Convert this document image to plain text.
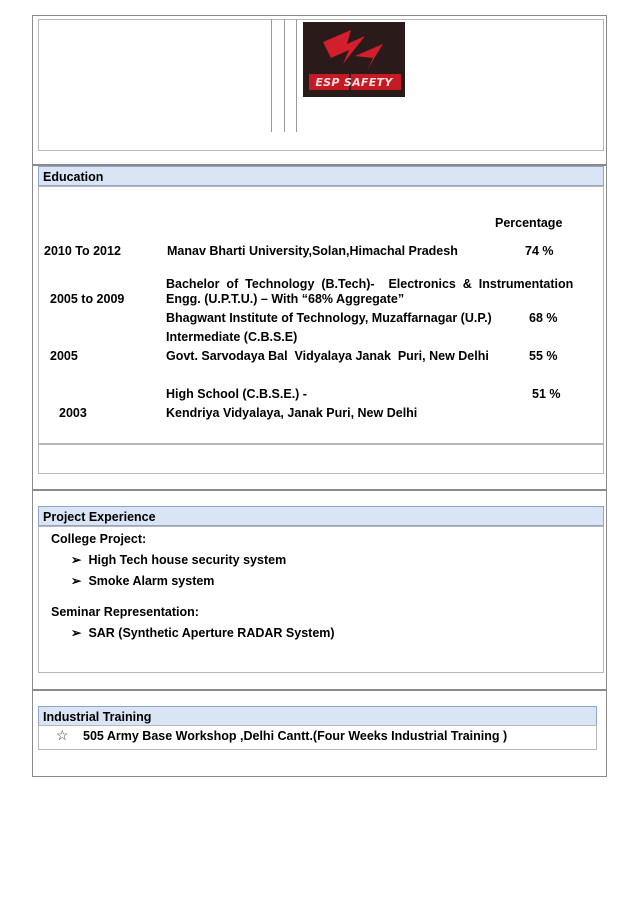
ESP SAFETY
Education
Percentage
2010 To 2012	Manav Bharti University,Solan,Himachal Pradesh	74 %
Bachelor  of  Technology  (B.Tech)-    Electronics  &  Instrumentation
2005 to 2009	Engg. (U.P.T.U.) – With “68% Aggregate”
Bhagwant Institute of Technology, Muzaffarnagar (U.P.)	68 %
Intermediate (C.B.S.E)
2005	Govt. Sarvodaya Bal  Vidyalaya Janak  Puri, New Delhi	55 %
High School (C.B.S.E.) -	51 %
2003	Kendriya Vidyalaya, Janak Puri, New Delhi
Project Experience
College Project:
➢ High Tech house security system
➢ Smoke Alarm system
Seminar Representation:
➢ SAR (Synthetic Aperture RADAR System)
Industrial Training
☆ 505 Army Base Workshop ,Delhi Cantt.(Four Weeks Industrial Training )
